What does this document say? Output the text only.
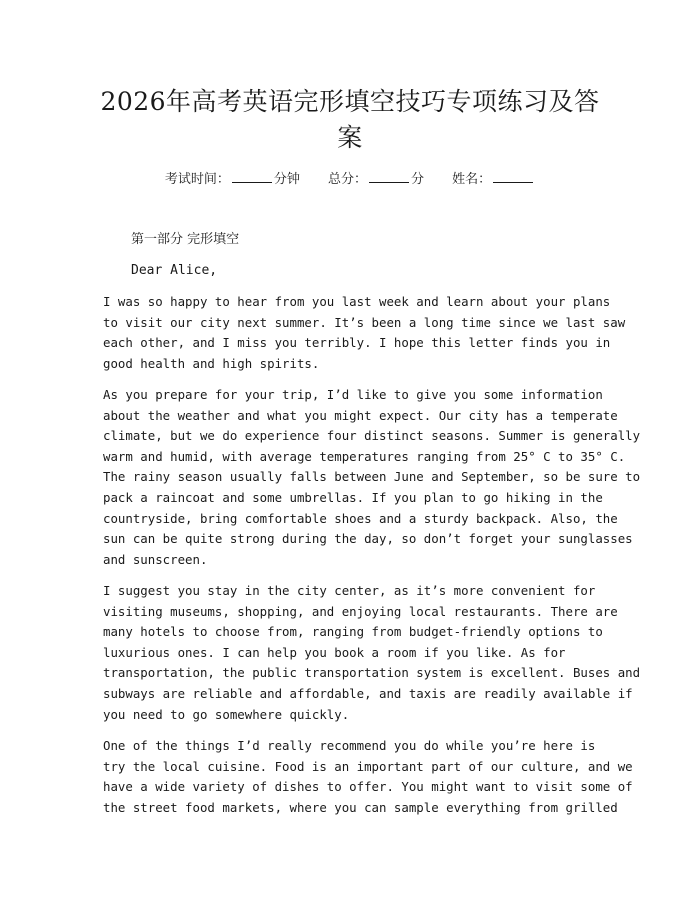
2026年高考英语完形填空技巧专项练习及答
案
考试时间：	分钟 总分：	分 姓名：
第一部分 完形填空
Dear Alice,
I was so happy to hear from you last week and learn about your plans
to visit our city next summer. It’s been a long time since we last saw
each other, and I miss you terribly. I hope this letter finds you in
good health and high spirits.
As you prepare for your trip, I’d like to give you some information
about the weather and what you might expect. Our city has a temperate
climate, but we do experience four distinct seasons. Summer is generally
warm and humid, with average temperatures ranging from 25° C to 35° C.
The rainy season usually falls between June and September, so be sure to
pack a raincoat and some umbrellas. If you plan to go hiking in the
countryside, bring comfortable shoes and a sturdy backpack. Also, the
sun can be quite strong during the day, so don’t forget your sunglasses
and sunscreen.
I suggest you stay in the city center, as it’s more convenient for
visiting museums, shopping, and enjoying local restaurants. There are
many hotels to choose from, ranging from budget-friendly options to
luxurious ones. I can help you book a room if you like. As for
transportation, the public transportation system is excellent. Buses and
subways are reliable and affordable, and taxis are readily available if
you need to go somewhere quickly.
One of the things I’d really recommend you do while you’re here is
try the local cuisine. Food is an important part of our culture, and we
have a wide variety of dishes to offer. You might want to visit some of
the street food markets, where you can sample everything from grilled
